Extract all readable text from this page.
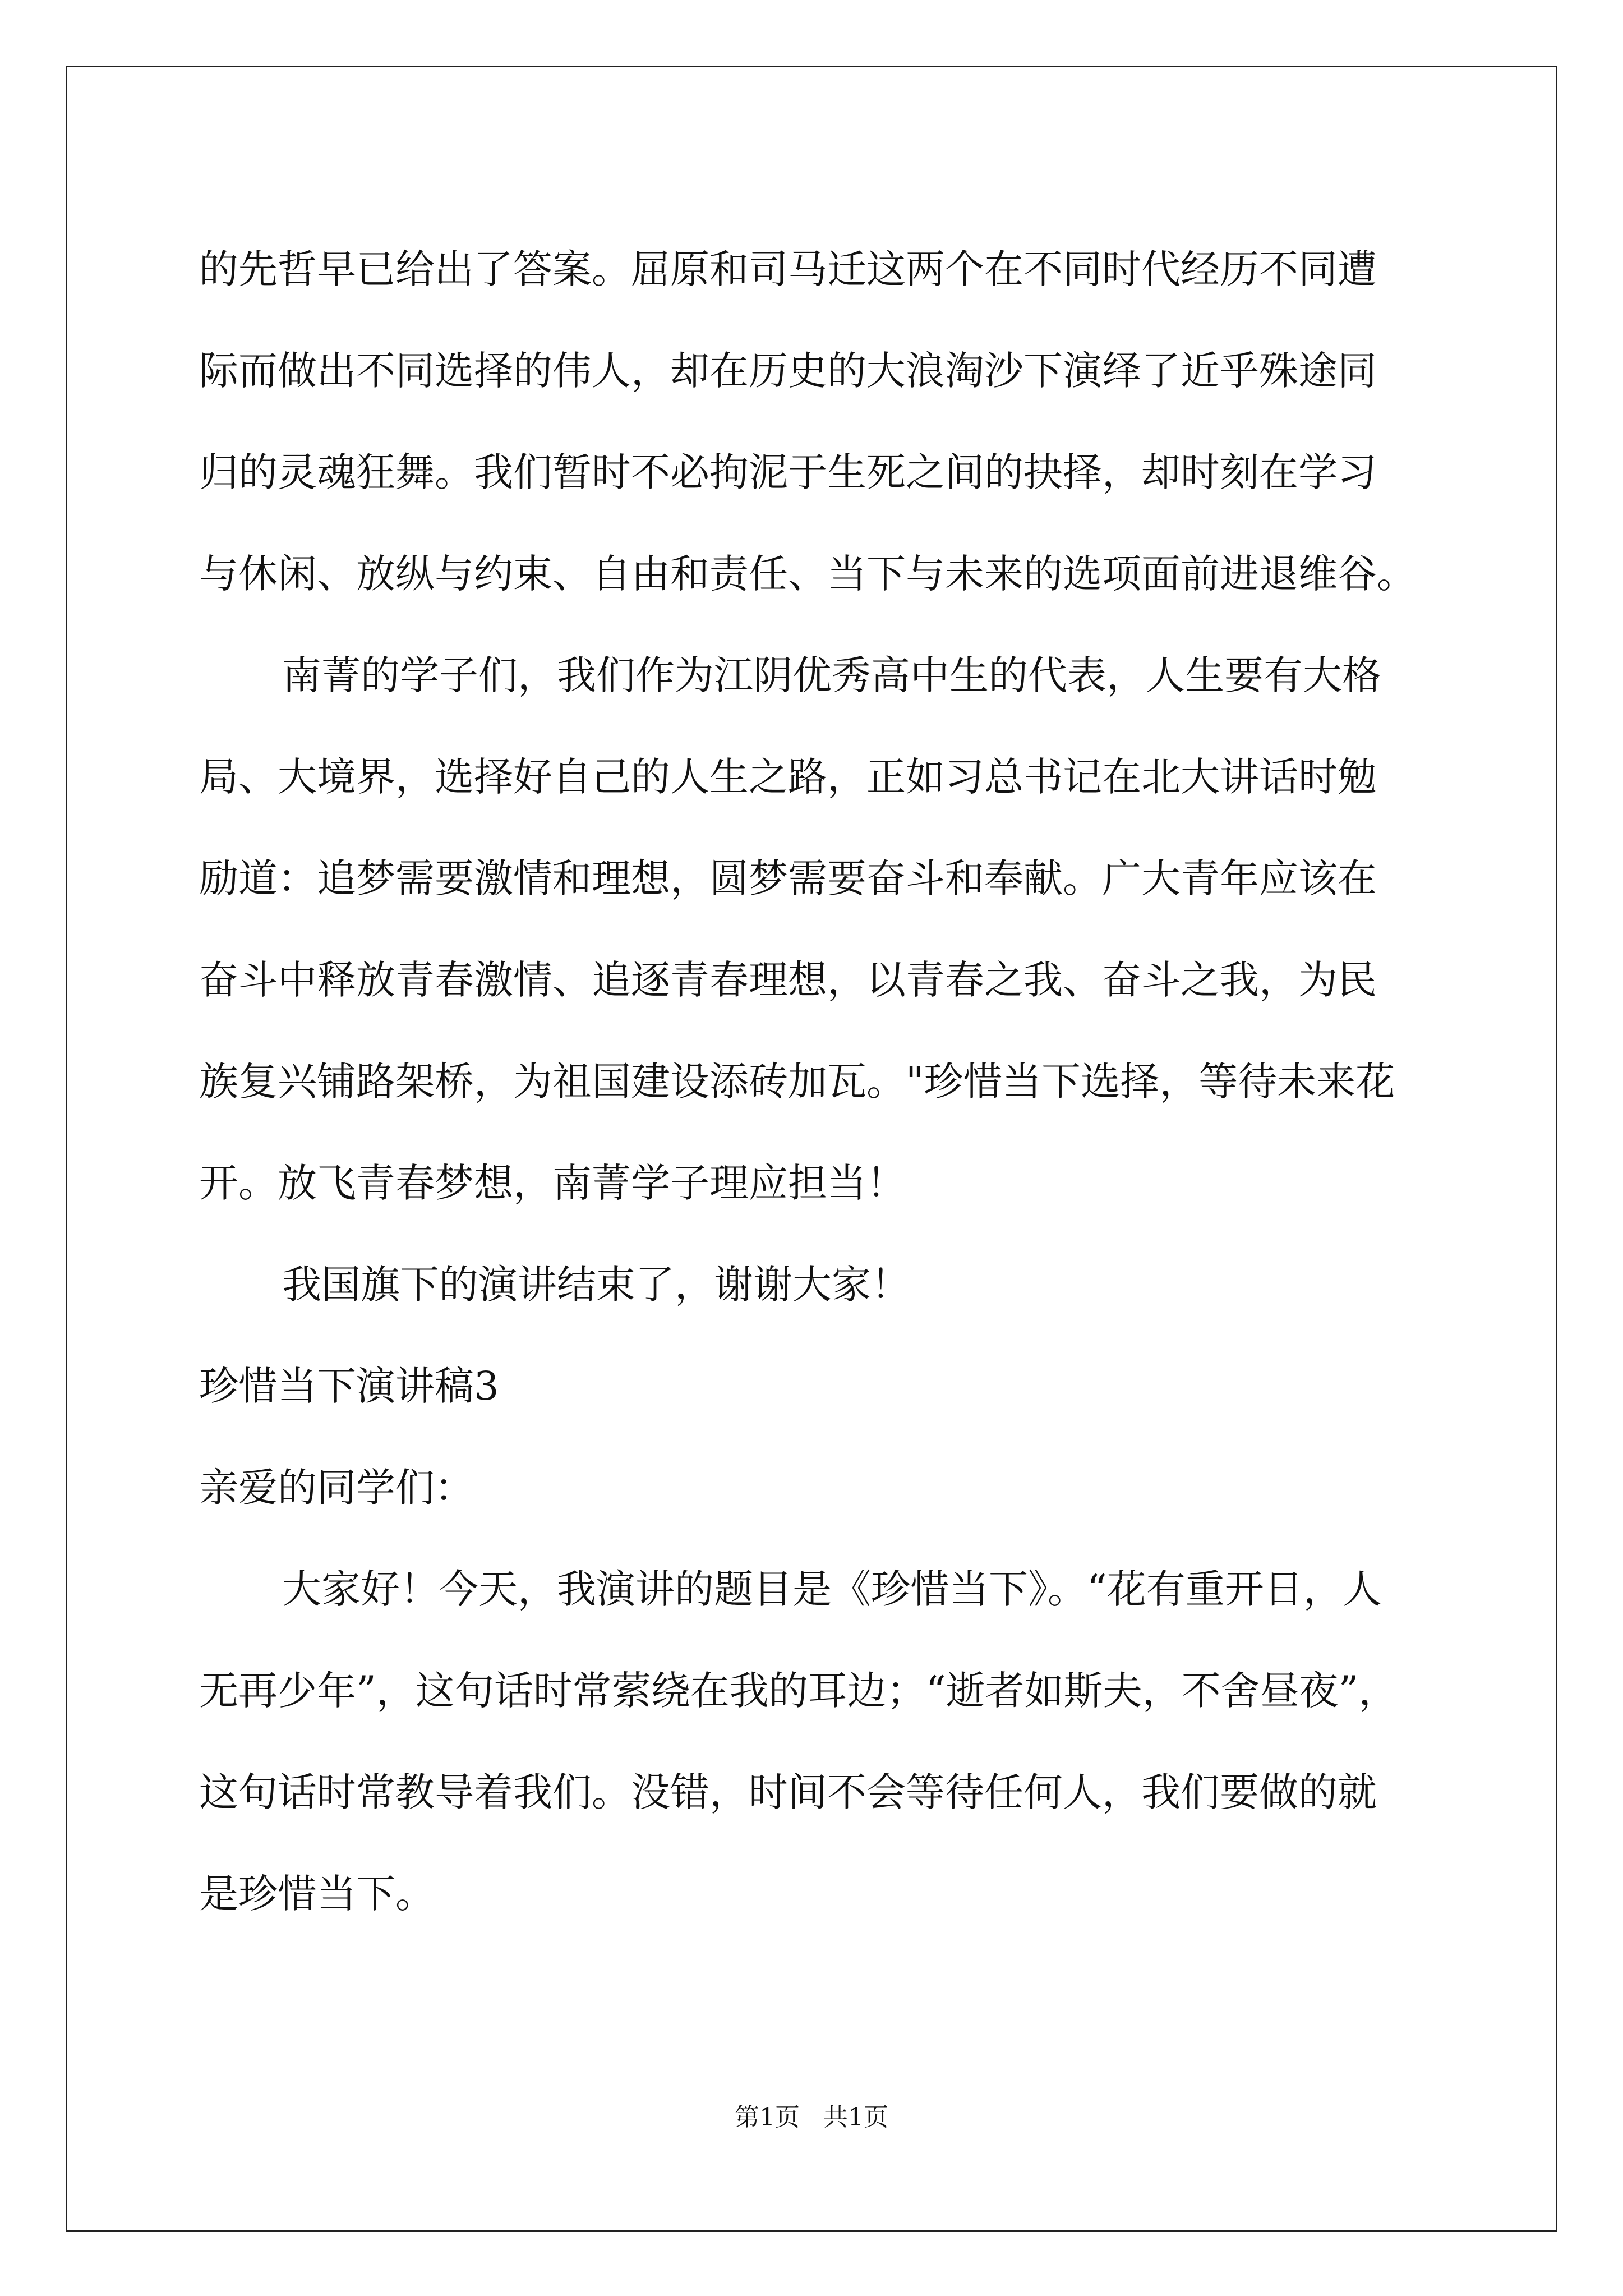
的先哲早已给出了答案。屈原和司马迁这两个在不同时代经历不同遭
际而做出不同选择的伟人，却在历史的大浪淘沙下演绎了近乎殊途同
归的灵魂狂舞。我们暂时不必拘泥于生死之间的抉择，却时刻在学习
与休闲、放纵与约束、自由和责任、当下与未来的选项面前进退维谷。
南菁的学子们，我们作为江阴优秀高中生的代表，人生要有大格
局、大境界，选择好自己的人生之路，正如习总书记在北大讲话时勉
励道：追梦需要激情和理想，圆梦需要奋斗和奉献。广大青年应该在
奋斗中释放青春激情、追逐青春理想，以青春之我、奋斗之我，为民
族复兴铺路架桥，为祖国建设添砖加瓦。"珍惜当下选择，等待未来花
开。放飞青春梦想，南菁学子理应担当！
我国旗下的演讲结束了，谢谢大家！
珍惜当下演讲稿3
亲爱的同学们：
大家好！今天，我演讲的题目是《珍惜当下》。“花有重开日，人
无再少年”，这句话时常萦绕在我的耳边；“逝者如斯夫，不舍昼夜”，
这句话时常教导着我们。没错，时间不会等待任何人，我们要做的就
是珍惜当下。
第1页   共1页
